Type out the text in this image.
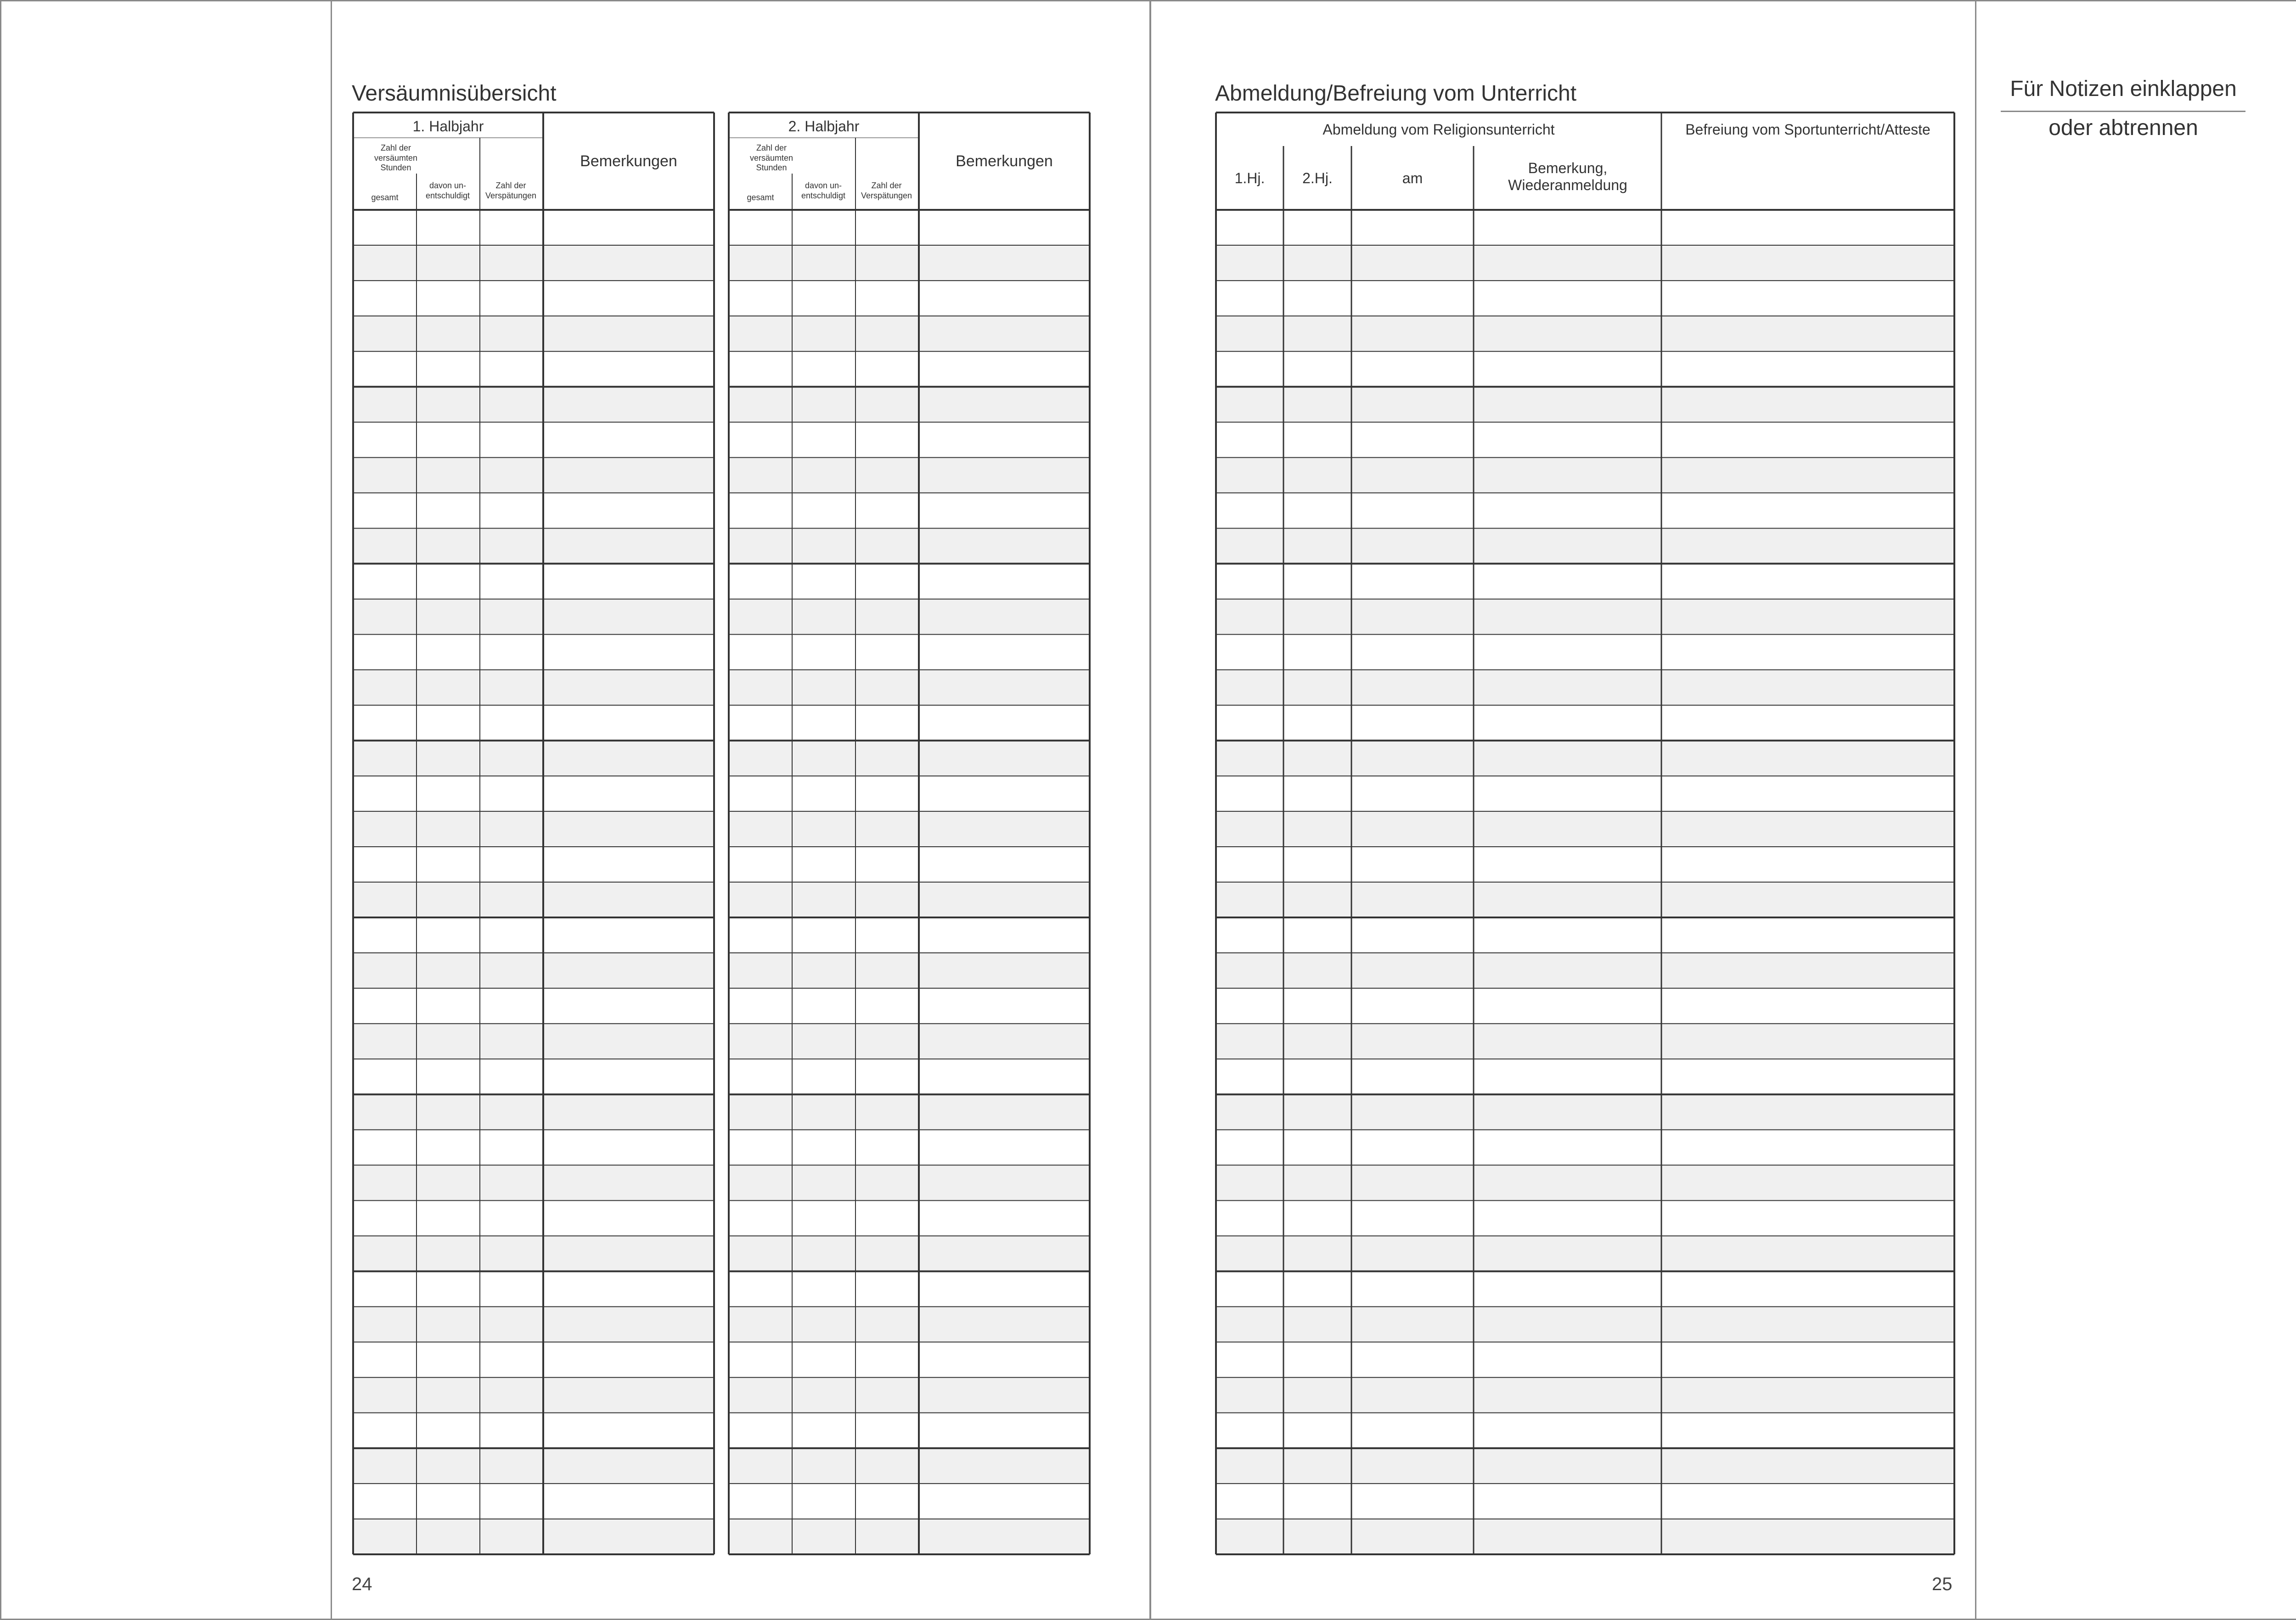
Versäumnisübersicht
24
Abmeldung/Befreiung vom Unterricht
25
Für Notizen einklappen
oder abtrennen
1. Halbjahr
Zahl der versäumten Stunden
gesamt
davon un- entschuldigt
Zahl der Verspätungen
Bemerkungen
2. Halbjahr
Zahl der versäumten Stunden
gesamt
davon un- entschuldigt
Zahl der Verspätungen
Bemerkungen
Abmeldung vom Religionsunterricht
1.Hj.	2.Hj.	am
Bemerkung, Wiederanmeldung
Befreiung vom Sportunterricht/Atteste
